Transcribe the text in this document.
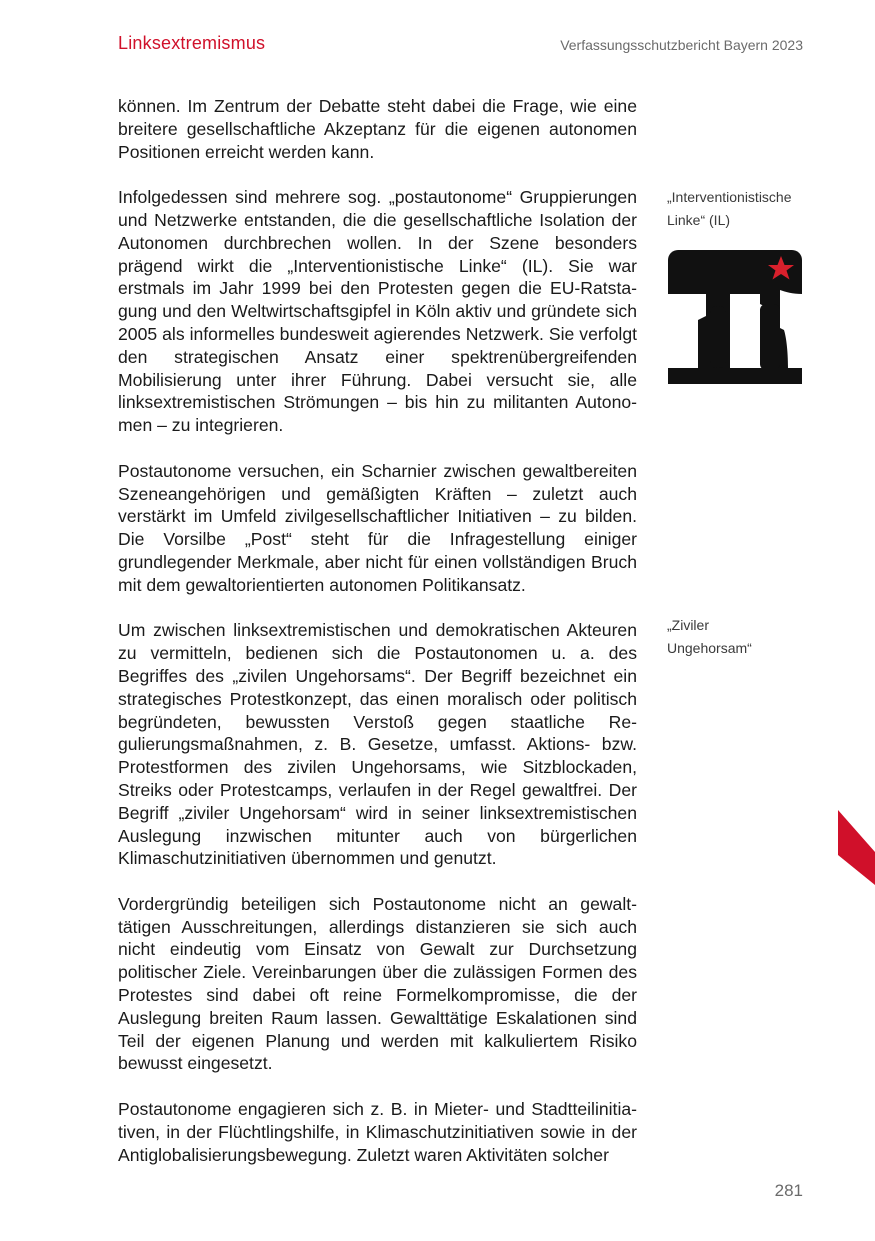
Linksextremismus	Verfassungsschutzbericht Bayern 2023

können. Im Zentrum der Debatte steht dabei die Frage, wie eine breitere gesellschaftliche Akzeptanz für die eigenen autonomen Positionen erreicht werden kann.

Infolgedessen sind mehrere sog. „postautonome“ Gruppierungen und Netzwerke entstanden, die die gesellschaftliche Isolation der Autonomen durchbrechen wollen. In der Szene besonders prägend wirkt die „Interventionistische Linke“ (IL). Sie war erstmals im Jahr 1999 bei den Protesten gegen die EU-Ratstagung und den Weltwirtschaftsgipfel in Köln aktiv und gründete sich 2005 als informelles bundesweit agierendes Netzwerk. Sie verfolgt den strategischen Ansatz einer spektrenübergreifenden Mobilisierung unter ihrer Führung. Dabei versucht sie, alle linksextremistischen Strömungen – bis hin zu militanten Autonomen – zu integrieren.

Postautonome versuchen, ein Scharnier zwischen gewaltbereiten Szeneangehörigen und gemäßigten Kräften – zuletzt auch verstärkt im Umfeld zivilgesellschaftlicher Initiativen – zu bilden. Die Vorsilbe „Post“ steht für die Infragestellung einiger grundlegender Merkmale, aber nicht für einen vollständigen Bruch mit dem gewaltorientierten autonomen Politikansatz.

Um zwischen linksextremistischen und demokratischen Akteuren zu vermitteln, bedienen sich die Postautonomen u. a. des Begriffes des „zivilen Ungehorsams“. Der Begriff bezeichnet ein strategisches Protestkonzept, das einen moralisch oder politisch begründeten, bewussten Verstoß gegen staatliche Regulierungsmaßnahmen, z. B. Gesetze, umfasst. Aktions- bzw. Protestformen des zivilen Ungehorsams, wie Sitzblockaden, Streiks oder Protestcamps, verlaufen in der Regel gewaltfrei. Der Begriff „ziviler Ungehorsam“ wird in seiner linksextremistischen Auslegung inzwischen mitunter auch von bürgerlichen Klimaschutzinitiativen übernommen und genutzt.

Vordergründig beteiligen sich Postautonome nicht an gewalttätigen Ausschreitungen, allerdings distanzieren sie sich auch nicht eindeutig vom Einsatz von Gewalt zur Durchsetzung politischer Ziele. Vereinbarungen über die zulässigen Formen des Protestes sind dabei oft reine Formelkompromisse, die der Auslegung breiten Raum lassen. Gewalttätige Eskalationen sind Teil der eigenen Planung und werden mit kalkuliertem Risiko bewusst eingesetzt.

Postautonome engagieren sich z. B. in Mieter- und Stadtteilinitiativen, in der Flüchtlingshilfe, in Klimaschutzinitiativen sowie in der Antiglobalisierungsbewegung. Zuletzt waren Aktivitäten solcher

„Interventionistische
Linke“ (IL)
„Ziviler
Ungehorsam“
281
